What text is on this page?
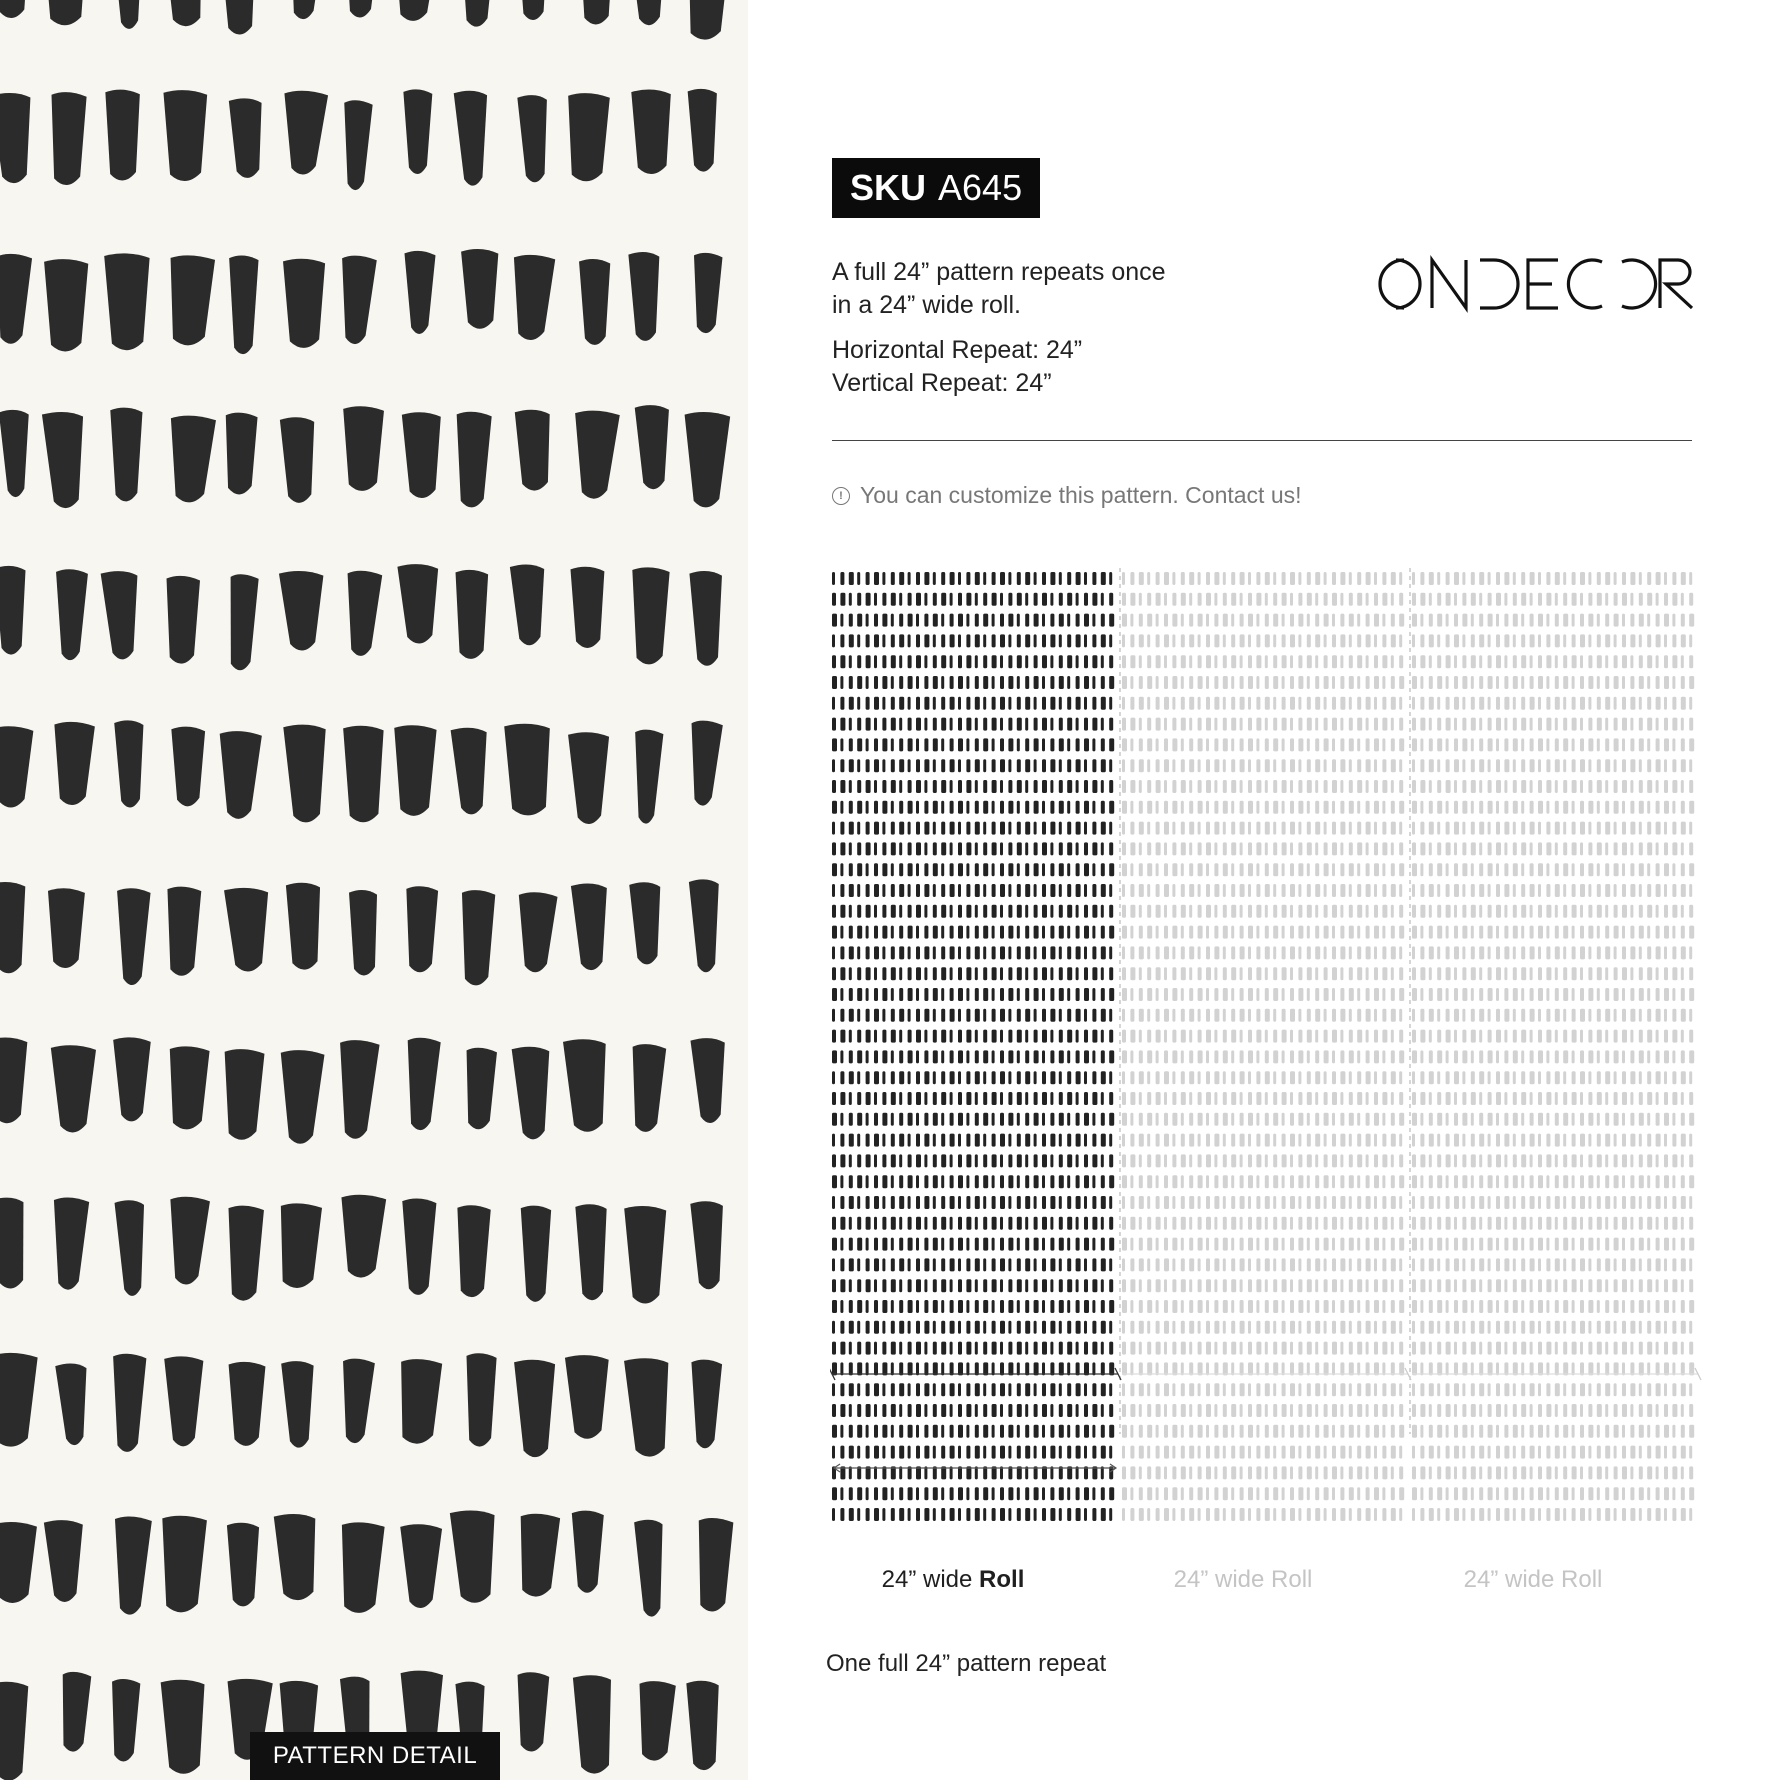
PATTERN DETAIL
SKU A645
A full 24” pattern repeats once
in a 24” wide roll.
Horizontal Repeat: 24”
Vertical Repeat: 24”
! You can customize this pattern. Contact us!
24” wide Roll	24” wide Roll	24” wide Roll
One full 24” pattern repeat
